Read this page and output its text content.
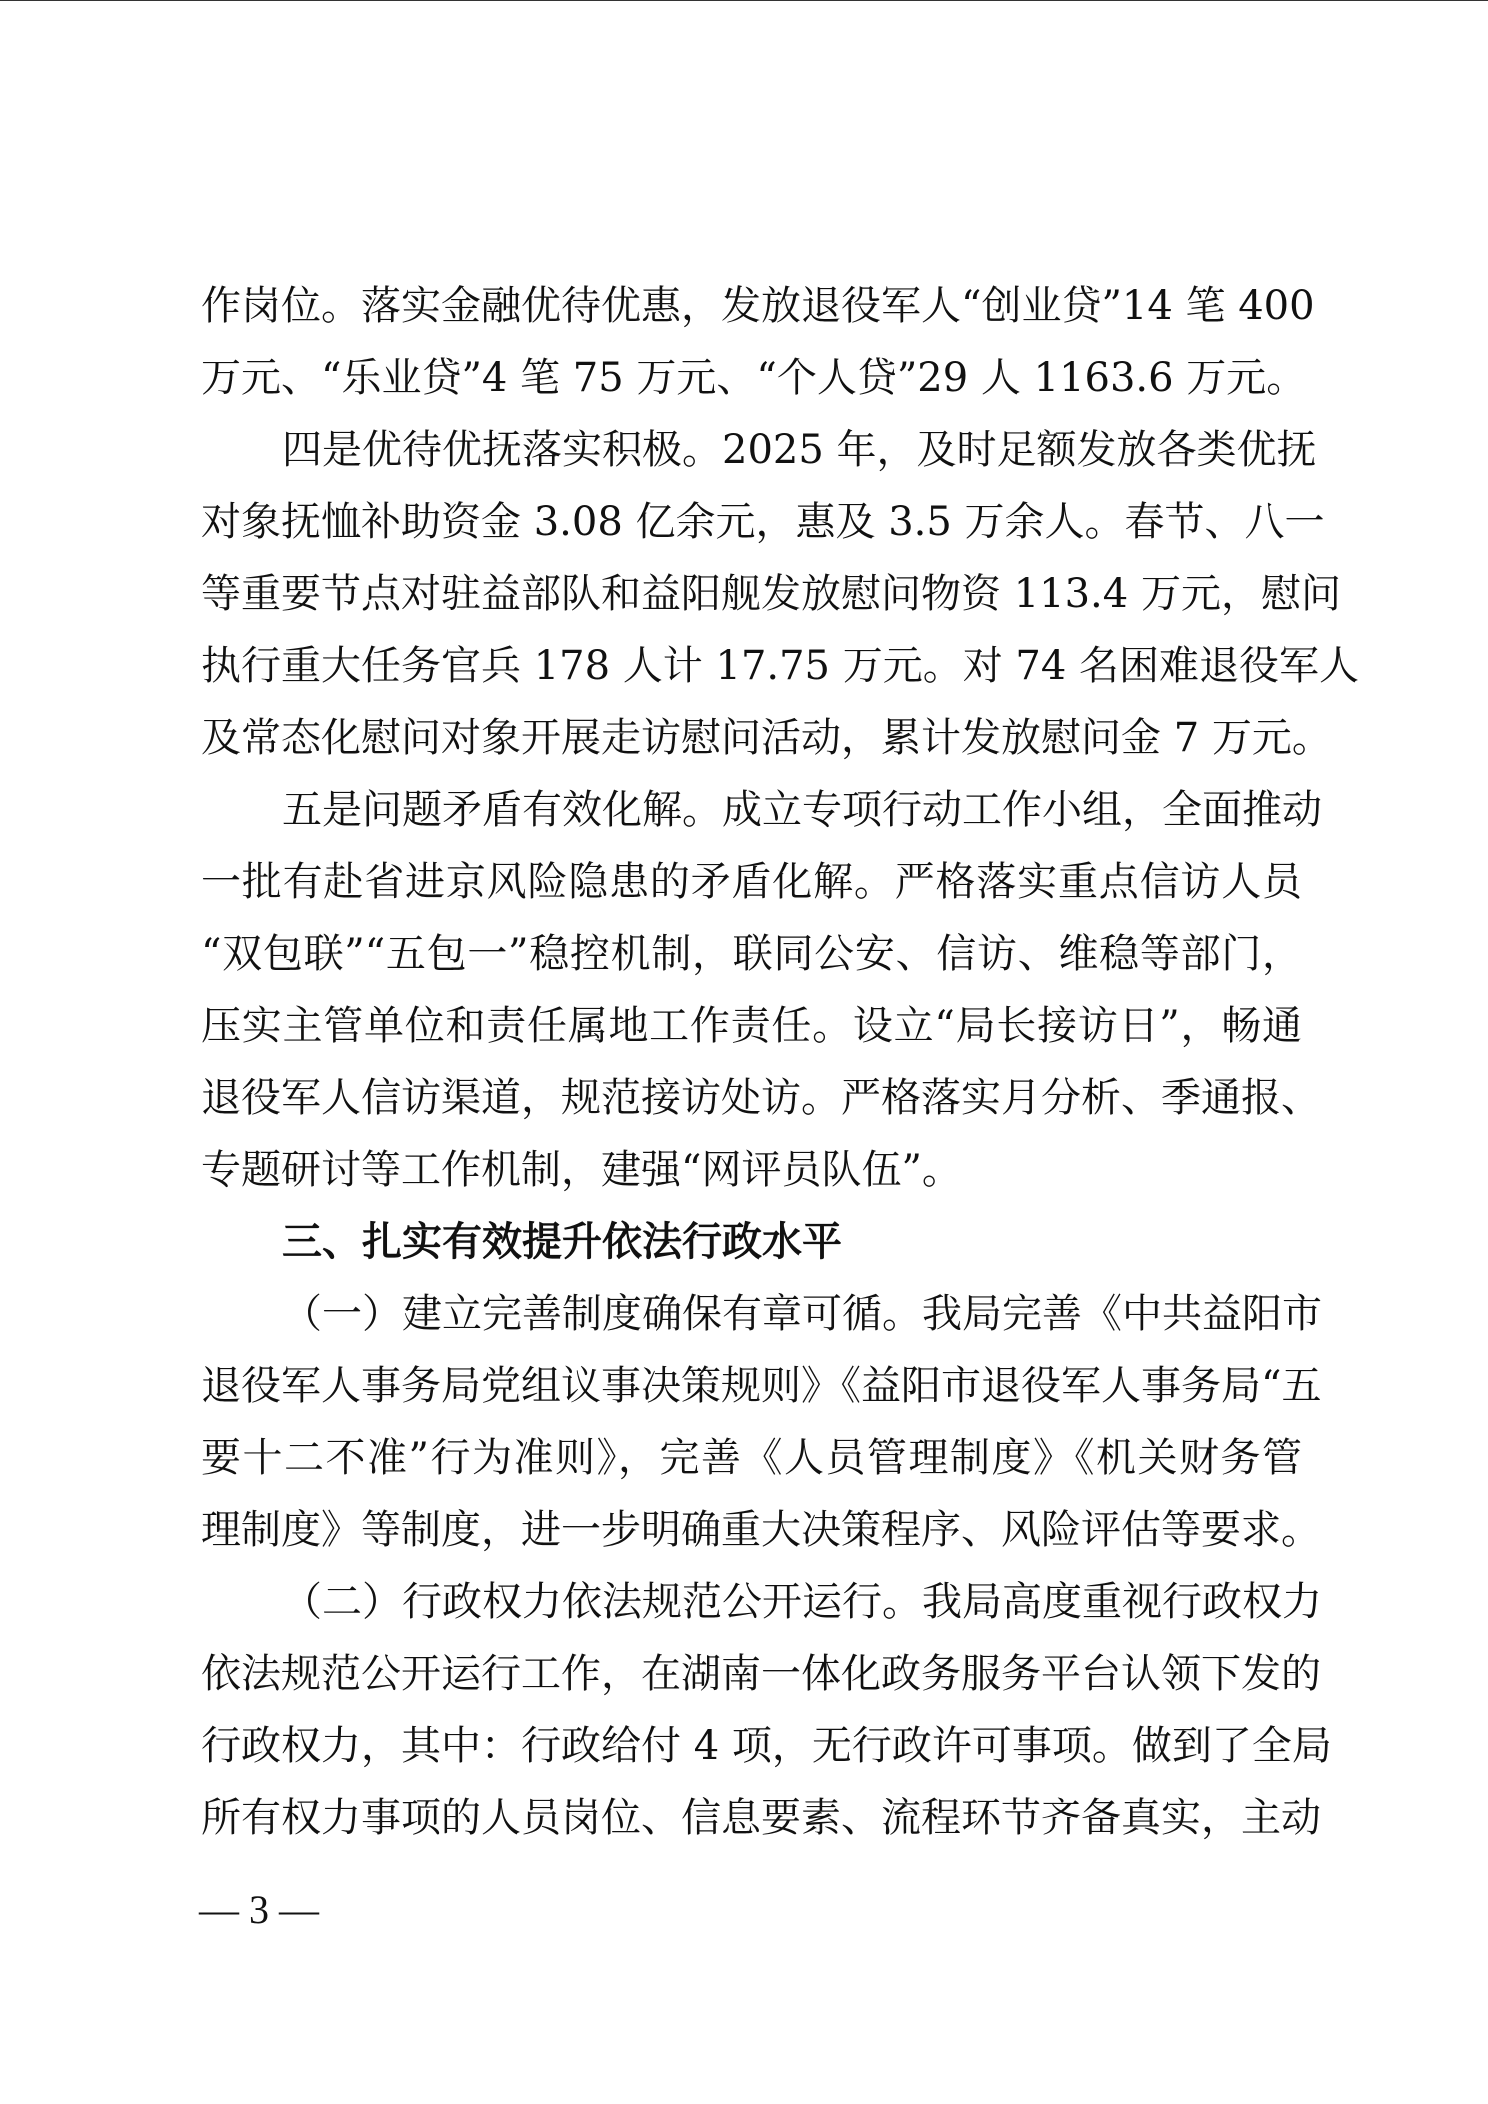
作岗位。落实金融优待优惠，发放退役军人“创业贷”14 笔 400
万元、“乐业贷”4 笔 75 万元、“个人贷”29 人 1163.6 万元。
四是优待优抚落实积极。2025 年，及时足额发放各类优抚
对象抚恤补助资金 3.08 亿余元，惠及 3.5 万余人。春节、八一
等重要节点对驻益部队和益阳舰发放慰问物资 113.4 万元，慰问
执行重大任务官兵 178 人计 17.75 万元。对 74 名困难退役军人
及常态化慰问对象开展走访慰问活动，累计发放慰问金 7 万元。
五是问题矛盾有效化解。成立专项行动工作小组，全面推动
一批有赴省进京风险隐患的矛盾化解。严格落实重点信访人员
“双包联”“五包一”稳控机制，联同公安、信访、维稳等部门，
压实主管单位和责任属地工作责任。设立“局长接访日”，畅通
退役军人信访渠道，规范接访处访。严格落实月分析、季通报、
专题研讨等工作机制，建强“网评员队伍”。
三、扎实有效提升依法行政水平
（一）建立完善制度确保有章可循。我局完善《中共益阳市
退役军人事务局党组议事决策规则》《益阳市退役军人事务局“五
要十二不准”行为准则》，完善《人员管理制度》《机关财务管
理制度》等制度，进一步明确重大决策程序、风险评估等要求。
（二）行政权力依法规范公开运行。我局高度重视行政权力
依法规范公开运行工作，在湖南一体化政务服务平台认领下发的
行政权力，其中：行政给付 4 项，无行政许可事项。做到了全局
所有权力事项的人员岗位、信息要素、流程环节齐备真实，主动
— 3 —
